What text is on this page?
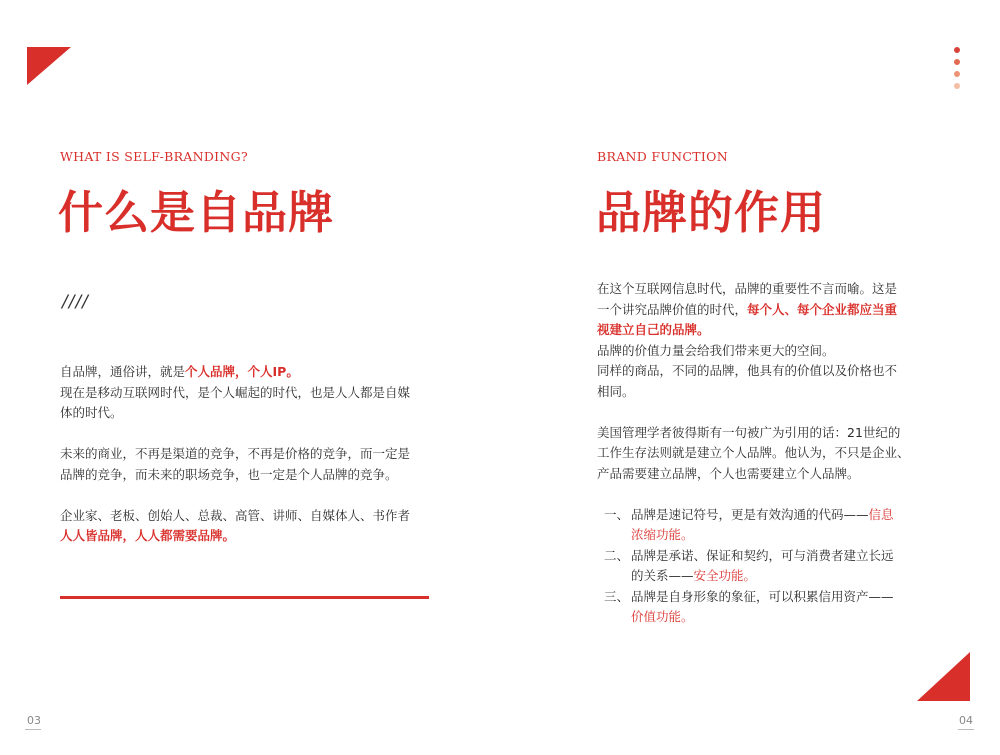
WHAT IS SELF-BRANDING?
什么是自品牌
////
自品牌，通俗讲，就是个人品牌，个人IP。
现在是移动互联网时代，是个人崛起的时代，也是人人都是自媒
体的时代。
未来的商业，不再是渠道的竞争，不再是价格的竞争，而一定是
品牌的竞争，而未来的职场竞争，也一定是个人品牌的竞争。
企业家、老板、创始人、总裁、高管、讲师、自媒体人、书作者
人人皆品牌，人人都需要品牌。
03
BRAND FUNCTION
品牌的作用
在这个互联网信息时代，品牌的重要性不言而喻。这是
一个讲究品牌价值的时代，每个人、每个企业都应当重
视建立自己的品牌。
品牌的价值力量会给我们带来更大的空间。
同样的商品，不同的品牌，他具有的价值以及价格也不
相同。
美国管理学者彼得斯有一句被广为引用的话：21世纪的
工作生存法则就是建立个人品牌。他认为，不只是企业、
产品需要建立品牌，个人也需要建立个人品牌。
一、 品牌是速记符号，更是有效沟通的代码——信息
浓缩功能。
二、 品牌是承诺、保证和契约，可与消费者建立长远
的关系——安全功能。
三、 品牌是自身形象的象征，可以积累信用资产——
价值功能。
04
